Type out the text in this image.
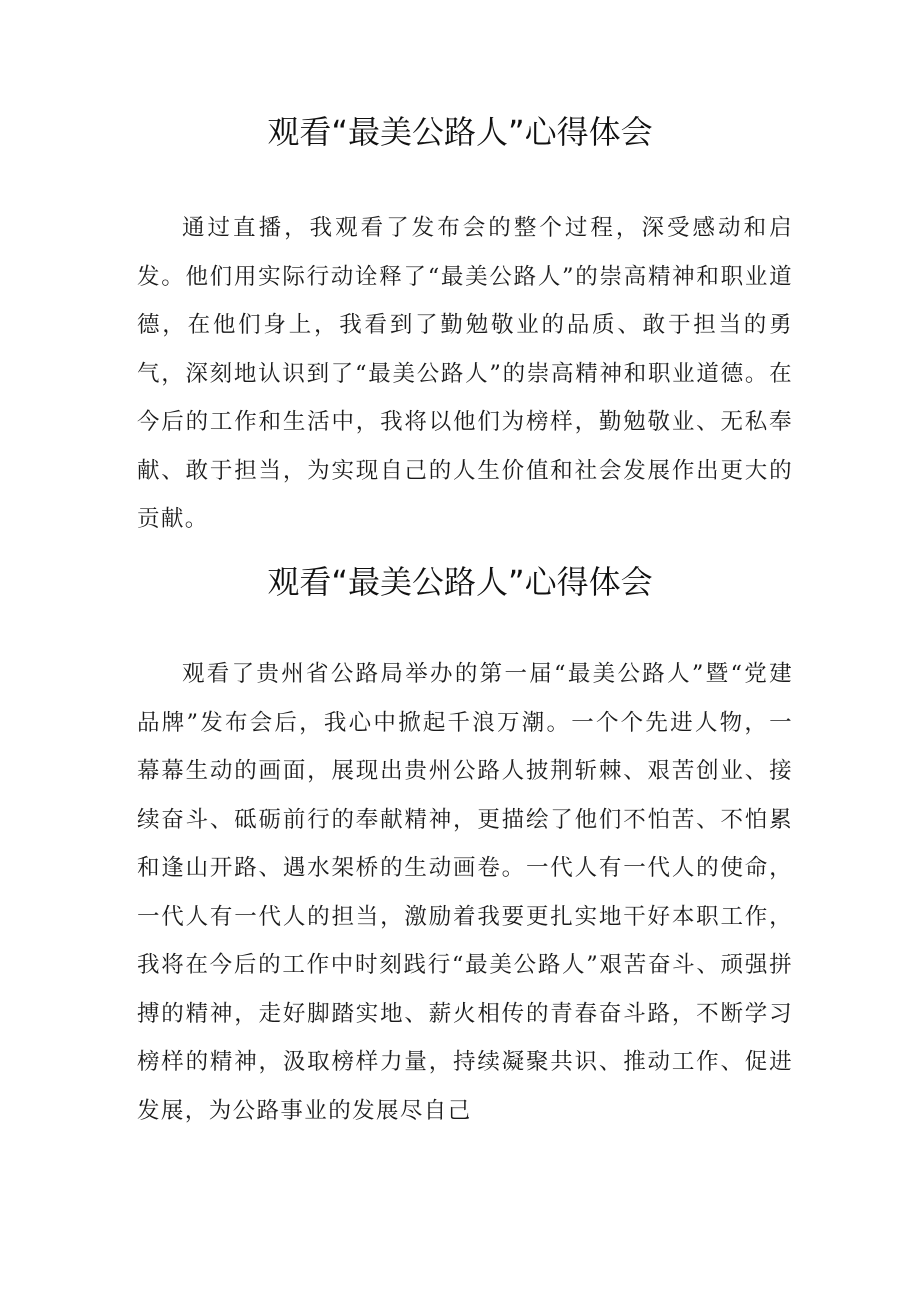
观看“最美公路人”心得体会

通过直播，我观看了发布会的整个过程，深受感动和启发。他们用实际行动诠释了“最美公路人”的崇高精神和职业道德，在他们身上，我看到了勤勉敬业的品质、敢于担当的勇气，深刻地认识到了“最美公路人”的崇高精神和职业道德。在今后的工作和生活中，我将以他们为榜样，勤勉敬业、无私奉献、敢于担当，为实现自己的人生价值和社会发展作出更大的贡献。

观看“最美公路人”心得体会

观看了贵州省公路局举办的第一届“最美公路人”暨“党建品牌”发布会后，我心中掀起千浪万潮。一个个先进人物，一幕幕生动的画面，展现出贵州公路人披荆斩棘、艰苦创业、接续奋斗、砥砺前行的奉献精神，更描绘了他们不怕苦、不怕累和逢山开路、遇水架桥的生动画卷。一代人有一代人的使命，一代人有一代人的担当，激励着我要更扎实地干好本职工作，我将在今后的工作中时刻践行“最美公路人”艰苦奋斗、顽强拼搏的精神，走好脚踏实地、薪火相传的青春奋斗路，不断学习榜样的精神，汲取榜样力量，持续凝聚共识、推动工作、促进发展，为公路事业的发展尽自己
